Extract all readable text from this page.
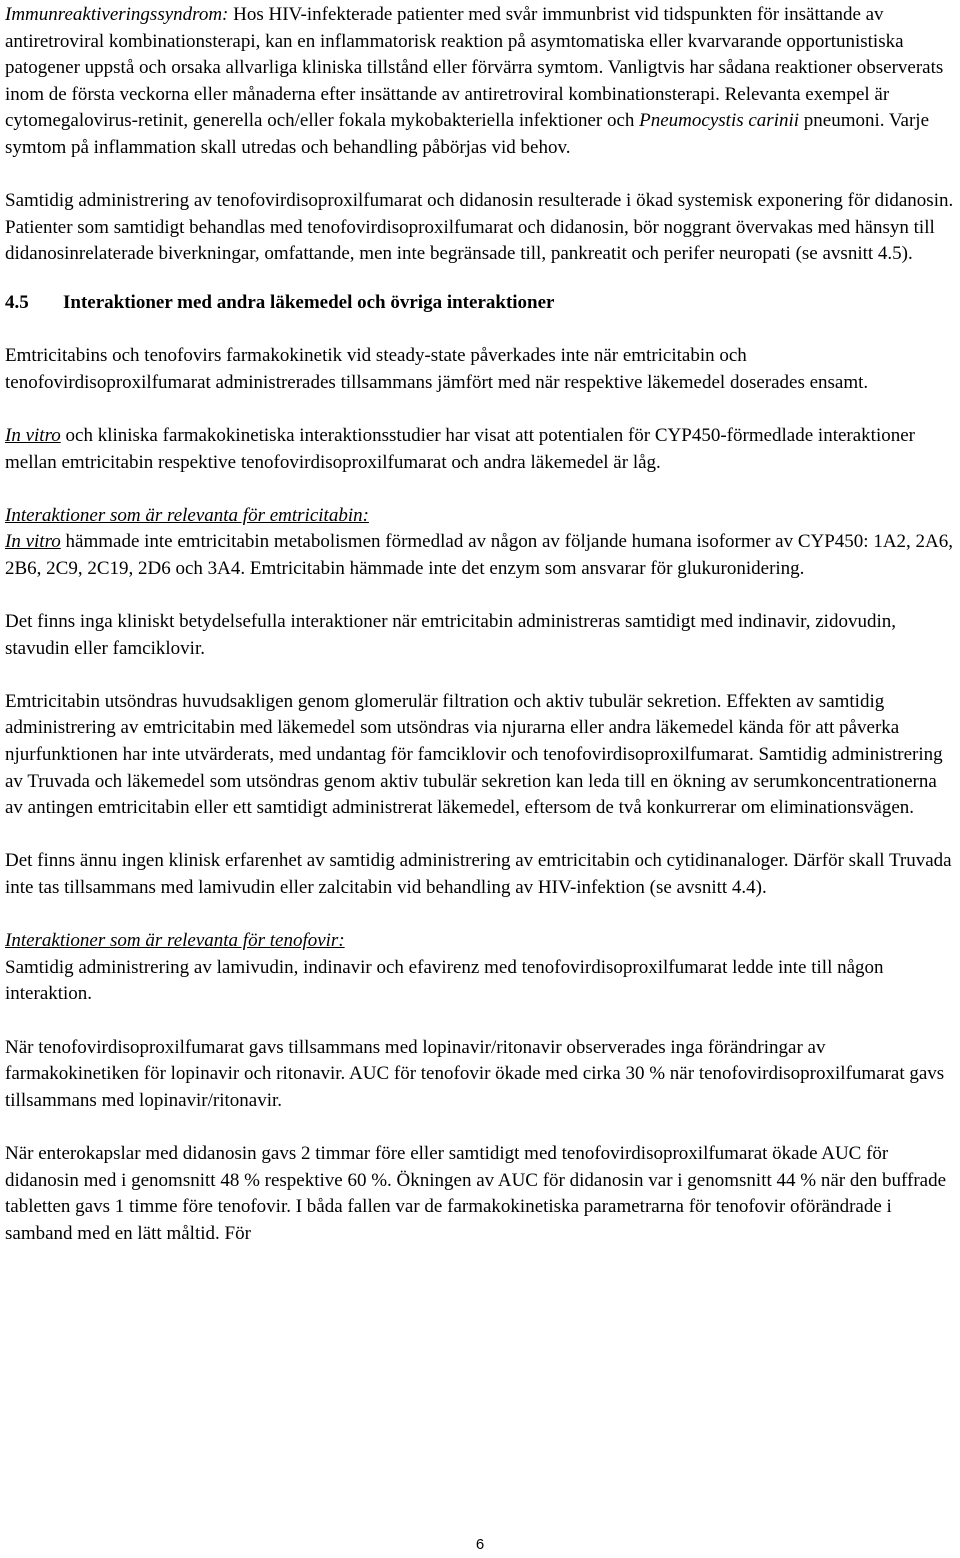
Immunreaktiveringssyndrom: Hos HIV-infekterade patienter med svår immunbrist vid tidspunkten för insättande av antiretroviral kombinationsterapi, kan en inflammatorisk reaktion på asymtomatiska eller kvarvarande opportunistiska patogener uppstå och orsaka allvarliga kliniska tillstånd eller förvärra symtom. Vanligtvis har sådana reaktioner observerats inom de första veckorna eller månaderna efter insättande av antiretroviral kombinationsterapi. Relevanta exempel är cytomegalovirus-retinit, generella och/eller fokala mykobakteriella infektioner och Pneumocystis carinii pneumoni. Varje symtom på inflammation skall utredas och behandling påbörjas vid behov.

Samtidig administrering av tenofovirdisoproxilfumarat och didanosin resulterade i ökad systemisk exponering för didanosin. Patienter som samtidigt behandlas med tenofovirdisoproxilfumarat och didanosin, bör noggrant övervakas med hänsyn till didanosinrelaterade biverkningar, omfattande, men inte begränsade till, pankreatit och perifer neuropati (se avsnitt 4.5).

4.5	Interaktioner med andra läkemedel och övriga interaktioner

Emtricitabins och tenofovirs farmakokinetik vid steady-state påverkades inte när emtricitabin och tenofovirdisoproxilfumarat administrerades tillsammans jämfört med när respektive läkemedel doserades ensamt.

In vitro och kliniska farmakokinetiska interaktionsstudier har visat att potentialen för CYP450-förmedlade interaktioner mellan emtricitabin respektive tenofovirdisoproxilfumarat och andra läkemedel är låg.

Interaktioner som är relevanta för emtricitabin:
In vitro hämmade inte emtricitabin metabolismen förmedlad av någon av följande humana isoformer av CYP450: 1A2, 2A6, 2B6, 2C9, 2C19, 2D6 och 3A4. Emtricitabin hämmade inte det enzym som ansvarar för glukuronidering.

Det finns inga kliniskt betydelsefulla interaktioner när emtricitabin administreras samtidigt med indinavir, zidovudin, stavudin eller famciklovir.

Emtricitabin utsöndras huvudsakligen genom glomerulär filtration och aktiv tubulär sekretion. Effekten av samtidig administrering av emtricitabin med läkemedel som utsöndras via njurarna eller andra läkemedel kända för att påverka njurfunktionen har inte utvärderats, med undantag för famciklovir och tenofovirdisoproxilfumarat. Samtidig administrering av Truvada och läkemedel som utsöndras genom aktiv tubulär sekretion kan leda till en ökning av serumkoncentrationerna av antingen emtricitabin eller ett samtidigt administrerat läkemedel, eftersom de två konkurrerar om eliminationsvägen.

Det finns ännu ingen klinisk erfarenhet av samtidig administrering av emtricitabin och cytidinanaloger. Därför skall Truvada inte tas tillsammans med lamivudin eller zalcitabin vid behandling av HIV-infektion (se avsnitt 4.4).

Interaktioner som är relevanta för tenofovir:
Samtidig administrering av lamivudin, indinavir och efavirenz med tenofovirdisoproxilfumarat ledde inte till någon interaktion.

När tenofovirdisoproxilfumarat gavs tillsammans med lopinavir/ritonavir observerades inga förändringar av farmakokinetiken för lopinavir och ritonavir. AUC för tenofovir ökade med cirka 30 % när tenofovirdisoproxilfumarat gavs tillsammans med lopinavir/ritonavir.

När enterokapslar med didanosin gavs 2 timmar före eller samtidigt med tenofovirdisoproxilfumarat ökade AUC för didanosin med i genomsnitt 48 % respektive 60 %. Ökningen av AUC för didanosin var i genomsnitt 44 % när den buffrade tabletten gavs 1 timme före tenofovir. I båda fallen var de farmakokinetiska parametrarna för tenofovir oförändrade i samband med en lätt måltid. För

6
